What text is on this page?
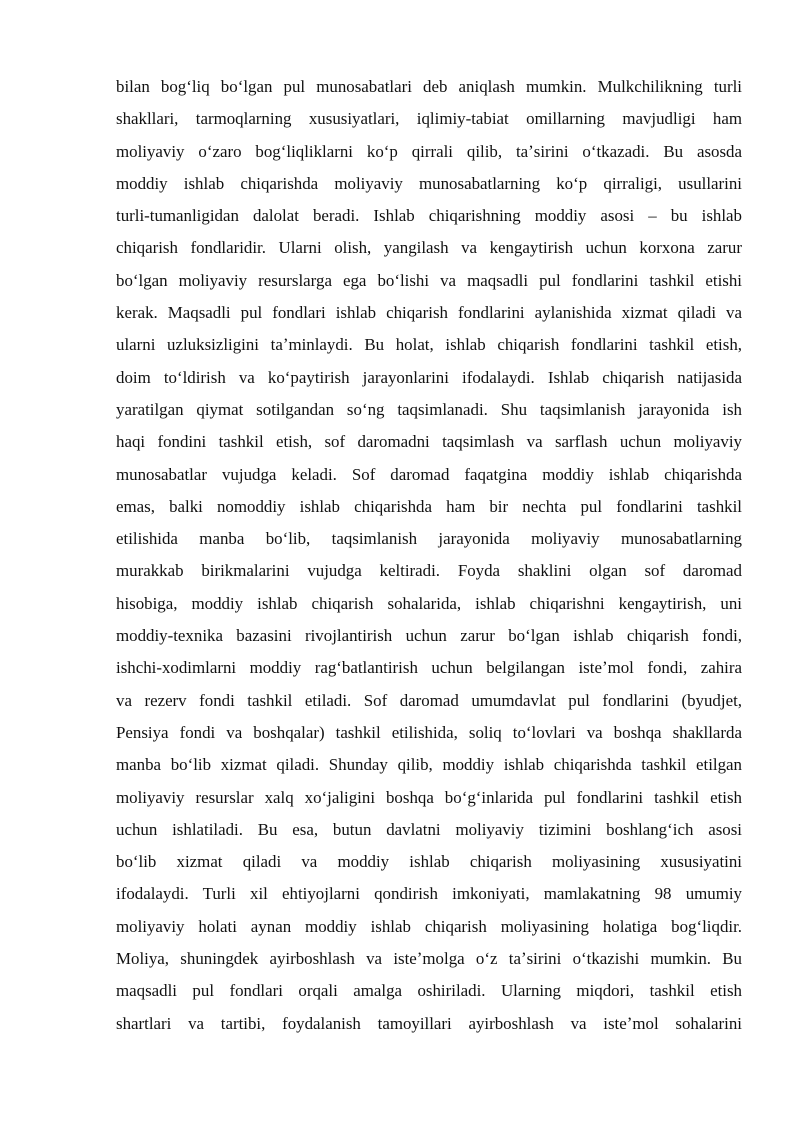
bilan bogʻliq boʻlgan pul munosabatlari deb aniqlash mumkin. Mulkchilikning turli
shakllari, tarmoqlarning xususiyatlari, iqlimiy-tabiat omillarning mavjudligi ham
moliyaviy oʻzaro bogʻliqliklarni koʻp qirrali qilib, taʼsirini oʻtkazadi. Bu asosda
moddiy ishlab chiqarishda moliyaviy munosabatlarning koʻp qirraligi, usullarini
turli-tumanligidan dalolat beradi. Ishlab chiqarishning moddiy asosi – bu ishlab
chiqarish fondlaridir. Ularni olish, yangilash va kengaytirish uchun korxona zarur
boʻlgan moliyaviy resurslarga ega boʻlishi va maqsadli pul fondlarini tashkil etishi
kerak. Maqsadli pul fondlari ishlab chiqarish fondlarini aylanishida xizmat qiladi va
ularni uzluksizligini taʼminlaydi. Bu holat, ishlab chiqarish fondlarini tashkil etish,
doim toʻldirish va koʻpaytirish jarayonlarini ifodalaydi. Ishlab chiqarish natijasida
yaratilgan qiymat sotilgandan soʻng taqsimlanadi. Shu taqsimlanish jarayonida ish
haqi fondini tashkil etish, sof daromadni taqsimlash va sarflash uchun moliyaviy
munosabatlar vujudga keladi. Sof daromad faqatgina moddiy ishlab chiqarishda
emas, balki nomoddiy ishlab chiqarishda ham bir nechta pul fondlarini tashkil
etilishida manba boʻlib, taqsimlanish jarayonida moliyaviy munosabatlarning
murakkab birikmalarini vujudga keltiradi. Foyda shaklini olgan sof daromad
hisobiga, moddiy ishlab chiqarish sohalarida, ishlab chiqarishni kengaytirish, uni
moddiy-texnika bazasini rivojlantirish uchun zarur boʻlgan ishlab chiqarish fondi,
ishchi-xodimlarni moddiy ragʻbatlantirish uchun belgilangan isteʼmol fondi, zahira
va rezerv fondi tashkil etiladi. Sof daromad umumdavlat pul fondlarini (byudjet,
Pensiya fondi va boshqalar) tashkil etilishida, soliq toʻlovlari va boshqa shakllarda
manba boʻlib xizmat qiladi. Shunday qilib, moddiy ishlab chiqarishda tashkil etilgan
moliyaviy resurslar xalq xoʻjaligini boshqa boʻgʻinlarida pul fondlarini tashkil etish
uchun ishlatiladi. Bu esa, butun davlatni moliyaviy tizimini boshlangʻich asosi
boʻlib xizmat qiladi va moddiy ishlab chiqarish moliyasining xususiyatini
ifodalaydi. Turli xil ehtiyojlarni qondirish imkoniyati, mamlakatning 98 umumiy
moliyaviy holati aynan moddiy ishlab chiqarish moliyasining holatiga bogʻliqdir.
Moliya, shuningdek ayirboshlash va isteʼmolga oʻz taʼsirini oʻtkazishi mumkin. Bu
maqsadli pul fondlari orqali amalga oshiriladi. Ularning miqdori, tashkil etish
shartlari va tartibi, foydalanish tamoyillari ayirboshlash va isteʼmol sohalarini
